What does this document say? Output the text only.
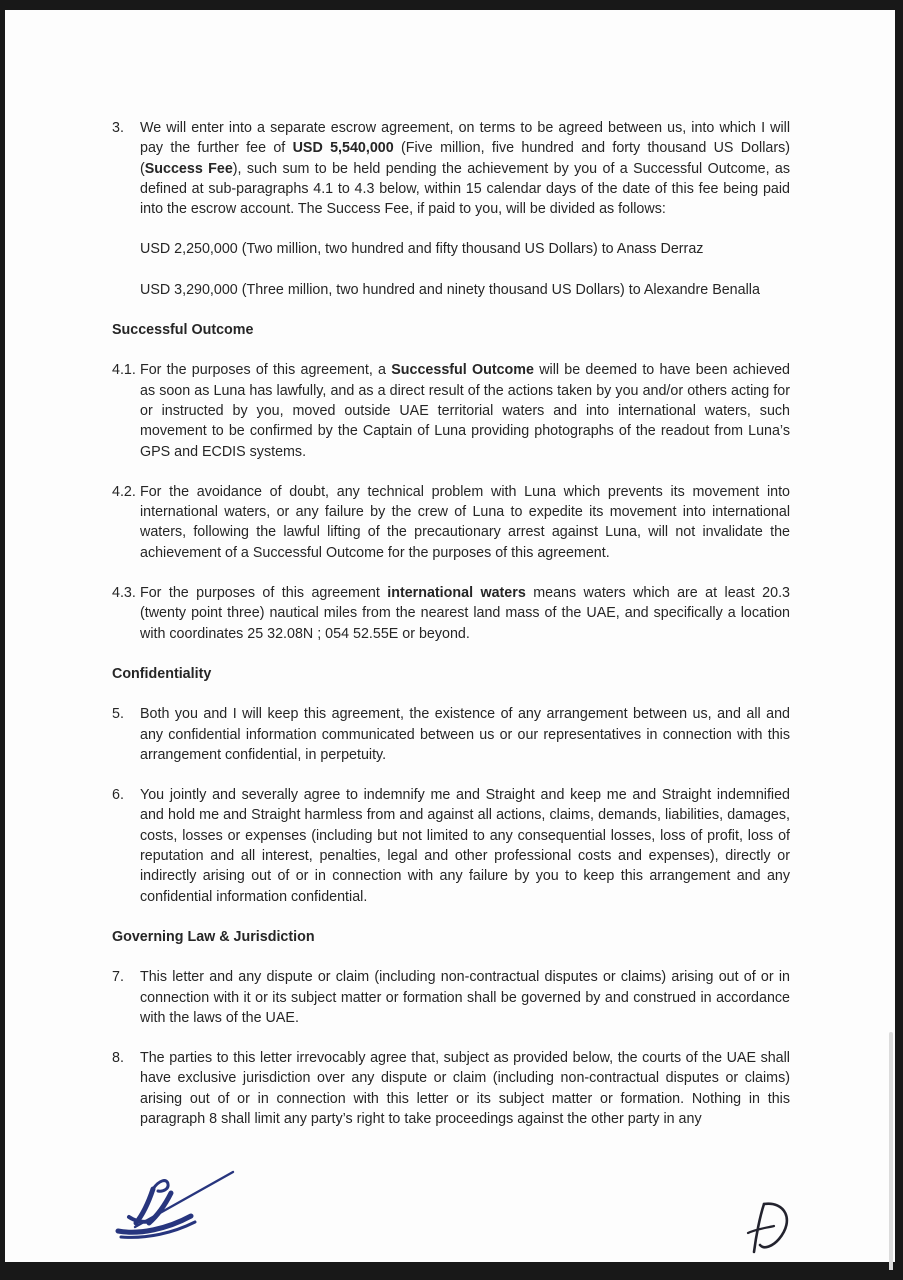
3.	We will enter into a separate escrow agreement, on terms to be agreed between us, into which I will pay the further fee of USD 5,540,000 (Five million, five hundred and forty thousand US Dollars) (Success Fee), such sum to be held pending the achievement by you of a Successful Outcome, as defined at sub-paragraphs 4.1 to 4.3 below, within 15 calendar days of the date of this fee being paid into the escrow account. The Success Fee, if paid to you, will be divided as follows:
USD 2,250,000 (Two million, two hundred and fifty thousand US Dollars) to Anass Derraz
USD 3,290,000 (Three million, two hundred and ninety thousand US Dollars) to Alexandre Benalla
Successful Outcome
4.1. For the purposes of this agreement, a Successful Outcome will be deemed to have been achieved as soon as Luna has lawfully, and as a direct result of the actions taken by you and/or others acting for or instructed by you, moved outside UAE territorial waters and into international waters, such movement to be confirmed by the Captain of Luna providing photographs of the readout from Luna’s GPS and ECDIS systems.
4.2. For the avoidance of doubt, any technical problem with Luna which prevents its movement into international waters, or any failure by the crew of Luna to expedite its movement into international waters, following the lawful lifting of the precautionary arrest against Luna, will not invalidate the achievement of a Successful Outcome for the purposes of this agreement.
4.3. For the purposes of this agreement international waters means waters which are at least 20.3 (twenty point three) nautical miles from the nearest land mass of the UAE, and specifically a location with coordinates 25 32.08N ; 054 52.55E or beyond.
Confidentiality
5.	Both you and I will keep this agreement, the existence of any arrangement between us, and all and any confidential information communicated between us or our representatives in connection with this arrangement confidential, in perpetuity.
6.	You jointly and severally agree to indemnify me and Straight and keep me and Straight indemnified and hold me and Straight harmless from and against all actions, claims, demands, liabilities, damages, costs, losses or expenses (including but not limited to any consequential losses, loss of profit, loss of reputation and all interest, penalties, legal and other professional costs and expenses), directly or indirectly arising out of or in connection with any failure by you to keep this arrangement and any confidential information confidential.
Governing Law & Jurisdiction
7.	This letter and any dispute or claim (including non-contractual disputes or claims) arising out of or in connection with it or its subject matter or formation shall be governed by and construed in accordance with the laws of the UAE.
8.	The parties to this letter irrevocably agree that, subject as provided below, the courts of the UAE shall have exclusive jurisdiction over any dispute or claim (including non-contractual disputes or claims) arising out of or in connection with this letter or its subject matter or formation. Nothing in this paragraph 8 shall limit any party’s right to take proceedings against the other party in any
